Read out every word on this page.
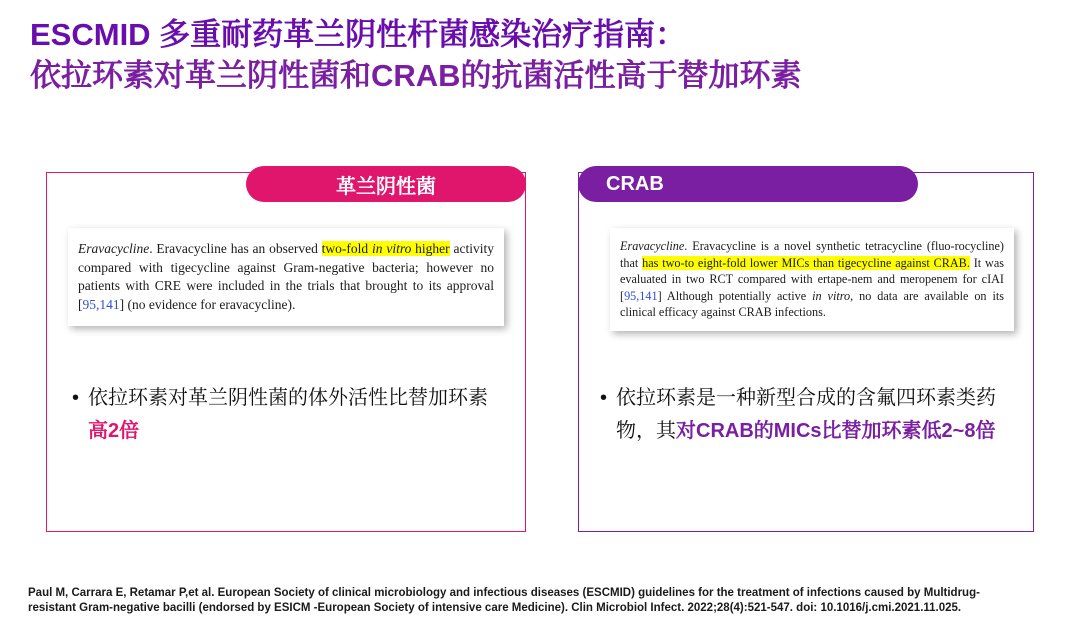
ESCMID 多重耐药革兰阴性杆菌感染治疗指南：
依拉环素对革兰阴性菌和CRAB的抗菌活性高于替加环素
革兰阴性菌
Eravacycline. Eravacycline has an observed two-fold in vitro higher activity compared with tigecycline against Gram-negative bacteria; however no patients with CRE were included in the trials that brought to its approval [95,141] (no evidence for eravacycline).
• 依拉环素对革兰阴性菌的体外活性比替加环素高2倍
CRAB
Eravacycline. Eravacycline is a novel synthetic tetracycline (fluo-rocycline) that has two-to eight-fold lower MICs than tigecycline against CRAB. It was evaluated in two RCT compared with ertape-nem and meropenem for cIAI [95,141] Although potentially active in vitro, no data are available on its clinical efficacy against CRAB infections.
• 依拉环素是一种新型合成的含氟四环素类药物，其对CRAB的MICs比替加环素低2~8倍
Paul M, Carrara E, Retamar P,et al. European Society of clinical microbiology and infectious diseases (ESCMID) guidelines for the treatment of infections caused by Multidrug-
resistant Gram-negative bacilli (endorsed by ESICM -European Society of intensive care Medicine). Clin Microbiol Infect. 2022;28(4):521-547. doi: 10.1016/j.cmi.2021.11.025.
